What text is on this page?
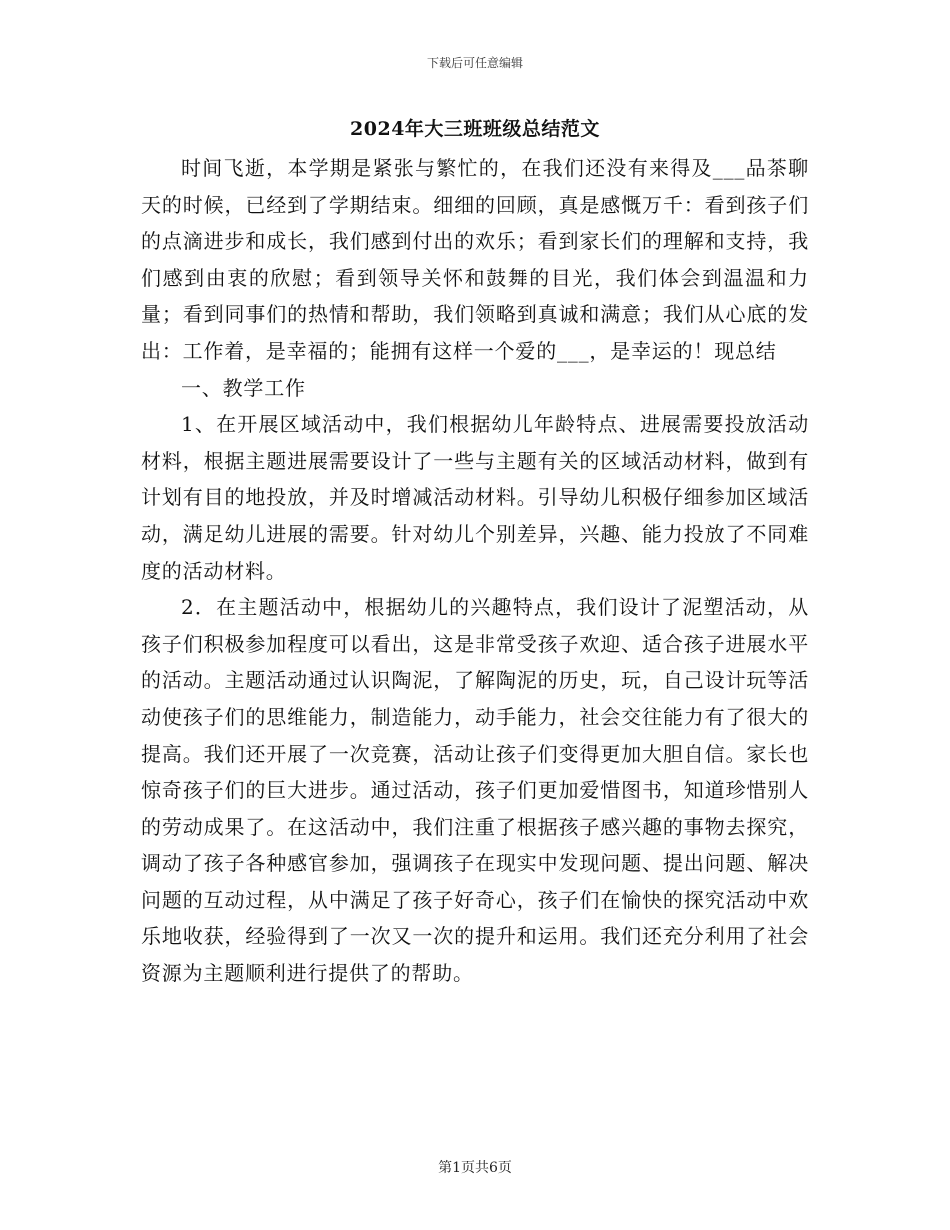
下载后可任意编辑
2024年大三班班级总结范文

时间飞逝，本学期是紧张与繁忙的，在我们还没有来得及___品茶聊天的时候，已经到了学期结束。细细的回顾，真是感慨万千：看到孩子们的点滴进步和成长，我们感到付出的欢乐；看到家长们的理解和支持，我们感到由衷的欣慰；看到领导关怀和鼓舞的目光，我们体会到温温和力量；看到同事们的热情和帮助，我们领略到真诚和满意；我们从心底的发出：工作着，是幸福的；能拥有这样一个爱的___，是幸运的！现总结

一、教学工作

1、在开展区域活动中，我们根据幼儿年龄特点、进展需要投放活动材料，根据主题进展需要设计了一些与主题有关的区域活动材料，做到有计划有目的地投放，并及时增减活动材料。引导幼儿积极仔细参加区域活动，满足幼儿进展的需要。针对幼儿个别差异，兴趣、能力投放了不同难度的活动材料。

2．在主题活动中，根据幼儿的兴趣特点，我们设计了泥塑活动，从孩子们积极参加程度可以看出，这是非常受孩子欢迎、适合孩子进展水平的活动。主题活动通过认识陶泥，了解陶泥的历史，玩，自己设计玩等活动使孩子们的思维能力，制造能力，动手能力，社会交往能力有了很大的提高。我们还开展了一次竞赛，活动让孩子们变得更加大胆自信。家长也惊奇孩子们的巨大进步。通过活动，孩子们更加爱惜图书，知道珍惜别人的劳动成果了。在这活动中，我们注重了根据孩子感兴趣的事物去探究，调动了孩子各种感官参加，强调孩子在现实中发现问题、提出问题、解决问题的互动过程，从中满足了孩子好奇心，孩子们在愉快的探究活动中欢乐地收获，经验得到了一次又一次的提升和运用。我们还充分利用了社会资源为主题顺利进行提供了的帮助。

第1页共6页
